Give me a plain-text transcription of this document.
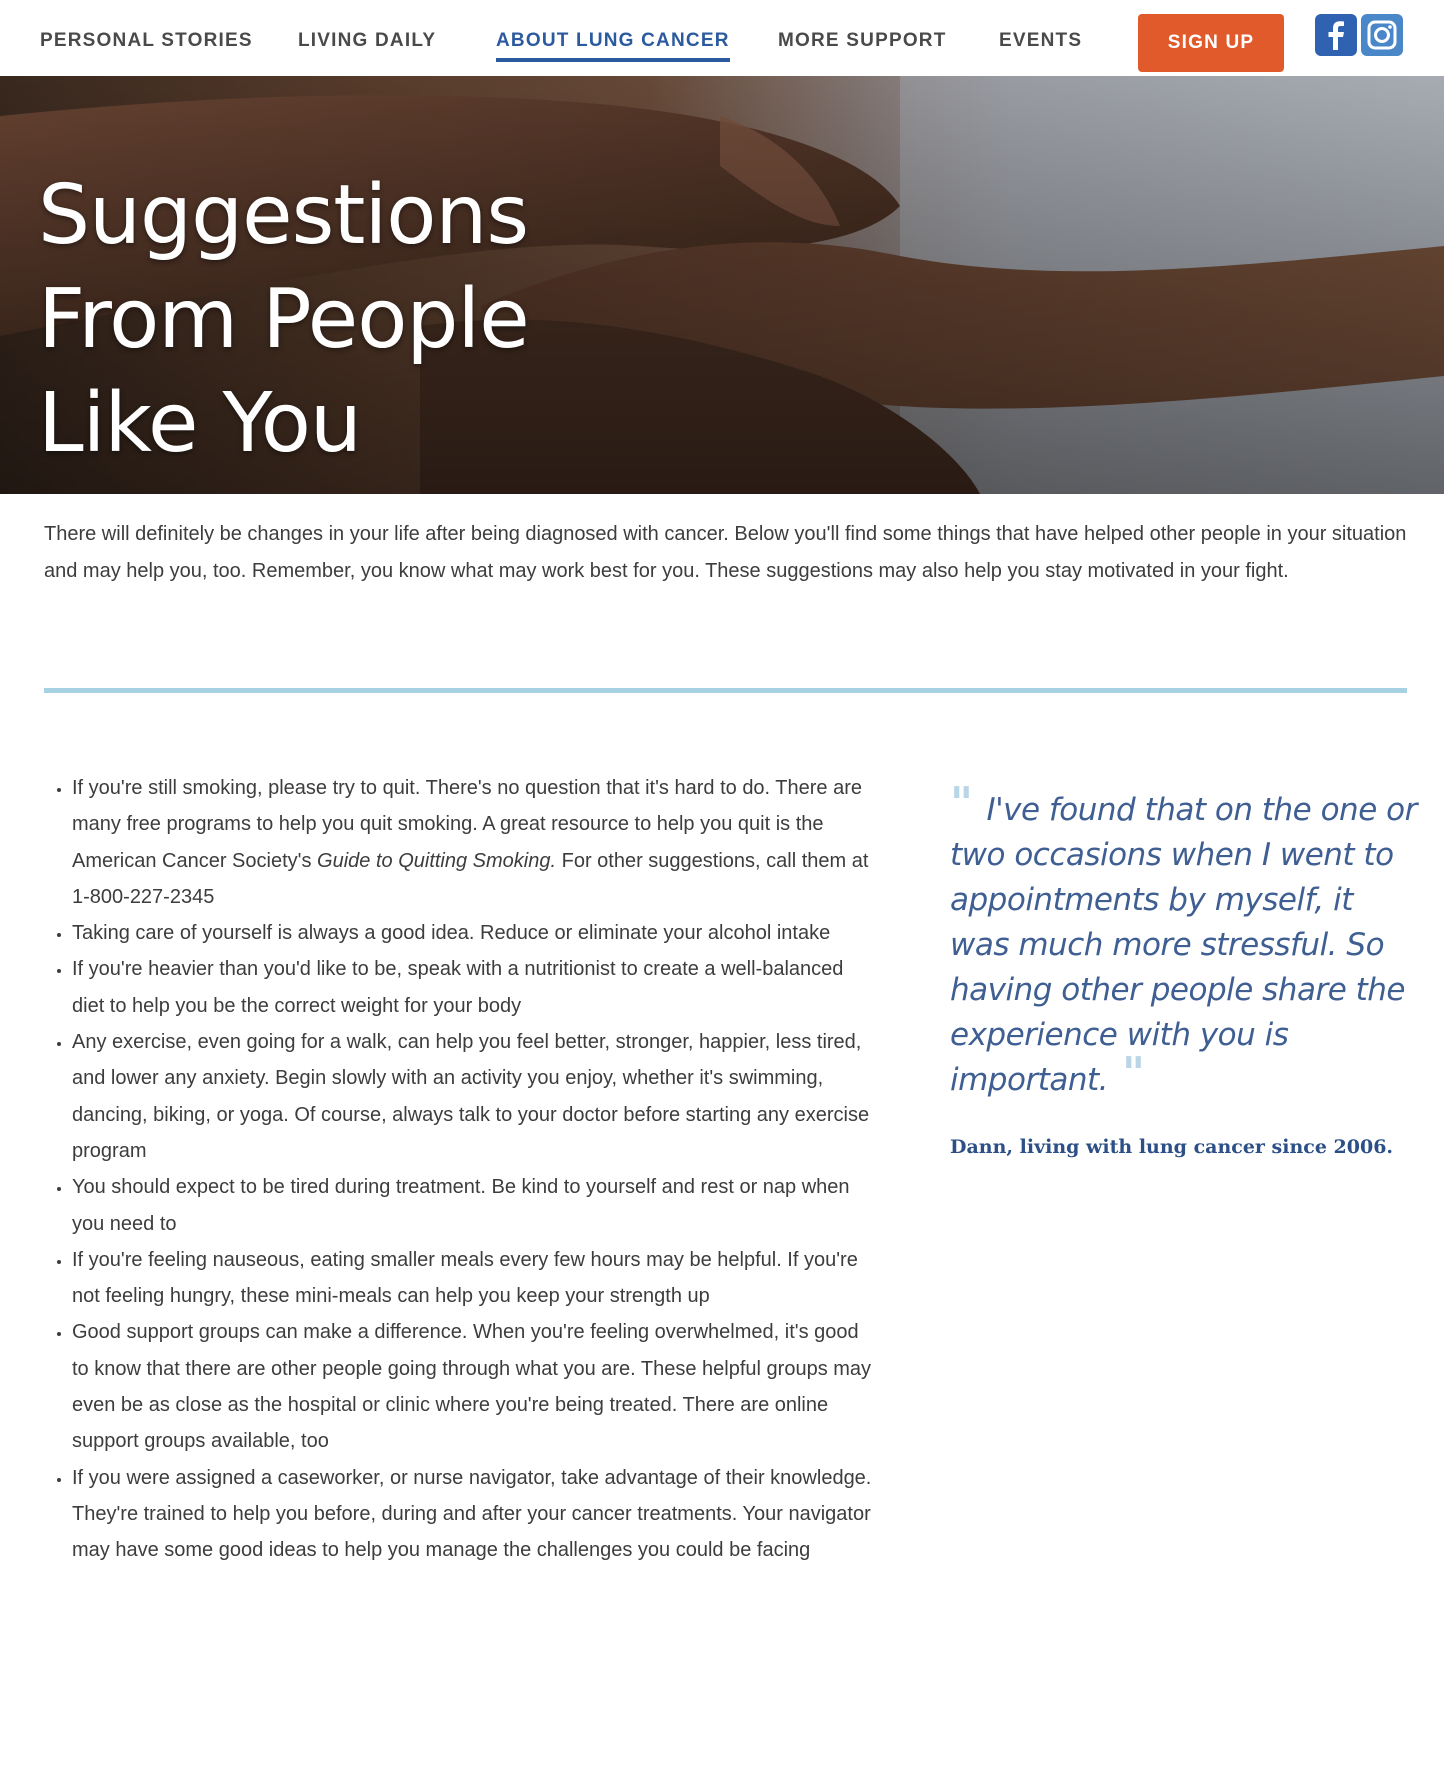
PERSONAL STORIES LIVING DAILY	ABOUT LUNG CANCER	MORE SUPPORT	EVENTS	SIGN UP
Suggestions From People Like You

There will definitely be changes in your life after being diagnosed with cancer. Below you'll find some things that have helped other people in your situation and may help you, too. Remember, you know what may work best for you. These suggestions may also help you stay motivated in your fight.

• If you're still smoking, please try to quit. There's no question that it's hard to do. There are many free programs to help you quit smoking. A great resource to help you quit is the American Cancer Society's Guide to Quitting Smoking. For other suggestions, call them at 1-800-227-2345
• Taking care of yourself is always a good idea. Reduce or eliminate your alcohol intake
• If you're heavier than you'd like to be, speak with a nutritionist to create a well-balanced diet to help you be the correct weight for your body
• Any exercise, even going for a walk, can help you feel better, stronger, happier, less tired, and lower any anxiety. Begin slowly with an activity you enjoy, whether it's swimming, dancing, biking, or yoga. Of course, always talk to your doctor before starting any exercise program
• You should expect to be tired during treatment. Be kind to yourself and rest or nap when you need to
• If you're feeling nauseous, eating smaller meals every few hours may be helpful. If you're not feeling hungry, these mini-meals can help you keep your strength up
• Good support groups can make a difference. When you're feeling overwhelmed, it's good to know that there are other people going through what you are. These helpful groups may even be as close as the hospital or clinic where you're being treated. There are online support groups available, too
• If you were assigned a caseworker, or nurse navigator, take advantage of their knowledge. They're trained to help you before, during and after your cancer treatments. Your navigator may have some good ideas to help you manage the challenges you could be facing
" I've found that on the one or two occasions when I went to appointments by myself, it was much more stressful. So having other people share the experience with you is important. "

Dann, living with lung cancer since 2006.
